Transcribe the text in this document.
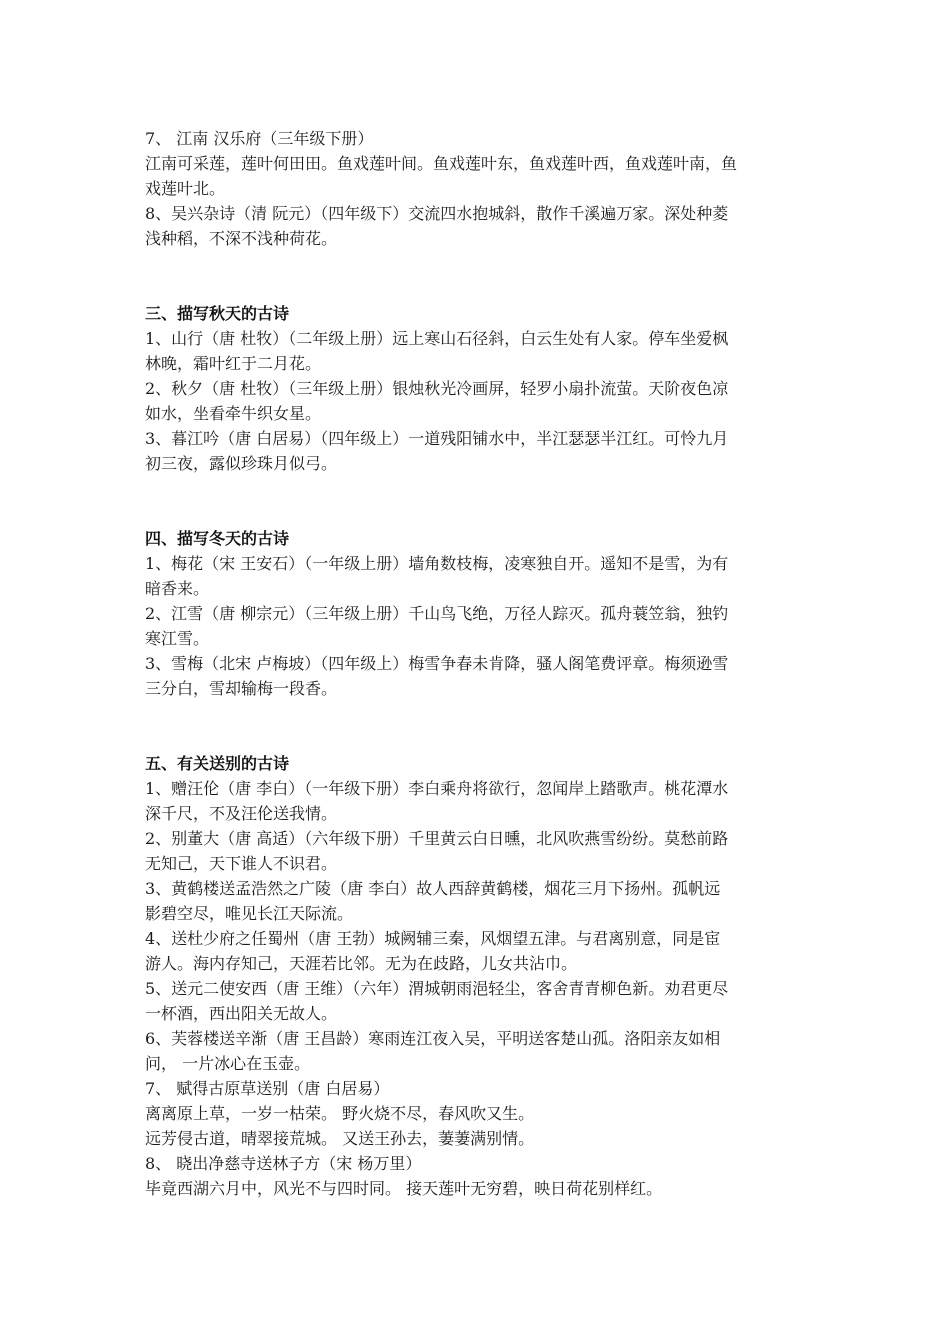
7、 江南 汉乐府（三年级下册）

江南可采莲，莲叶何田田。鱼戏莲叶间。鱼戏莲叶东，鱼戏莲叶西，鱼戏莲叶南，鱼

戏莲叶北。

8、吴兴杂诗（清 阮元）（四年级下）交流四水抱城斜，散作千溪遍万家。深处种菱

浅种稻，不深不浅种荷花。

三、描写秋天的古诗

1、山行（唐 杜牧）（二年级上册）远上寒山石径斜，白云生处有人家。停车坐爱枫

林晚，霜叶红于二月花。

2、秋夕（唐 杜牧）（三年级上册）银烛秋光冷画屏，轻罗小扇扑流萤。天阶夜色凉

如水，坐看牵牛织女星。

3、暮江吟（唐 白居易）（四年级上）一道残阳铺水中，半江瑟瑟半江红。可怜九月

初三夜，露似珍珠月似弓。

四、描写冬天的古诗

1、梅花（宋 王安石）（一年级上册）墙角数枝梅，凌寒独自开。遥知不是雪，为有

暗香来。

2、江雪（唐 柳宗元）（三年级上册）千山鸟飞绝，万径人踪灭。孤舟蓑笠翁，独钓

寒江雪。

3、雪梅（北宋 卢梅坡）（四年级上）梅雪争春未肯降，骚人阁笔费评章。梅须逊雪

三分白，雪却输梅一段香。

五、有关送别的古诗

1、赠汪伦（唐 李白）（一年级下册）李白乘舟将欲行，忽闻岸上踏歌声。桃花潭水

深千尺，不及汪伦送我情。

2、别董大（唐 高适）（六年级下册）千里黄云白日曛，北风吹燕雪纷纷。莫愁前路

无知己，天下谁人不识君。

3、黄鹤楼送孟浩然之广陵（唐 李白）故人西辞黄鹤楼，烟花三月下扬州。孤帆远

影碧空尽，唯见长江天际流。

4、送杜少府之任蜀州（唐 王勃）城阙辅三秦，风烟望五津。与君离别意，同是宦

游人。海内存知己，天涯若比邻。无为在歧路，儿女共沾巾。

5、送元二使安西（唐 王维）（六年）渭城朝雨浥轻尘，客舍青青柳色新。劝君更尽

一杯酒，西出阳关无故人。

6、芙蓉楼送辛渐（唐 王昌龄）寒雨连江夜入吴，平明送客楚山孤。洛阳亲友如相

问， 一片冰心在玉壶。

7、 赋得古原草送别（唐 白居易）

离离原上草，一岁一枯荣。 野火烧不尽，春风吹又生。

远芳侵古道，晴翠接荒城。 又送王孙去，萋萋满别情。

8、 晓出净慈寺送林子方（宋 杨万里）

毕竟西湖六月中，风光不与四时同。 接天莲叶无穷碧，映日荷花别样红。
